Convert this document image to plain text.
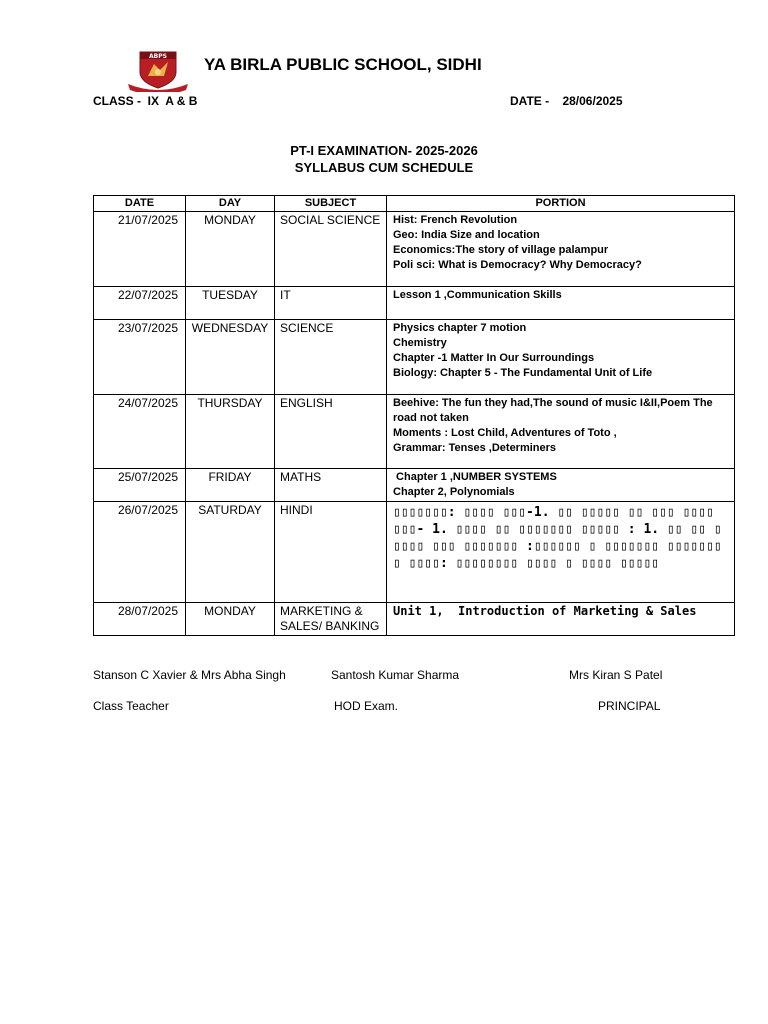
ABPS YA BIRLA PUBLIC SCHOOL, SIDHI
CLASS -  IX  A & B	DATE - 28/06/2025
PT-I EXAMINATION- 2025-2026
SYLLABUS CUM SCHEDULE
DATE	DAY	SUBJECT	PORTION
21/07/2025	MONDAY	SOCIAL SCIENCE	Hist: French Revolution
Geo: India Size and location
Economics:The story of village palampur
Poli sci: What is Democracy? Why Democracy?

22/07/2025	TUESDAY	IT	Lesson 1 ,Communication Skills

23/07/2025	WEDNESDAY	SCIENCE	Physics chapter 7 motion
Chemistry
Chapter -1 Matter In Our Surroundings
Biology: Chapter 5 - The Fundamental Unit of Life

24/07/2025	THURSDAY	ENGLISH	Beehive: The fun they had,The sound of music I&II,Poem The road not taken
Moments : Lost Child, Adventures of Toto ,
Grammar: Tenses ,Determiners

25/07/2025	FRIDAY	MATHS	Chapter 1 ,NUMBER SYSTEMS
Chapter 2, Polynomials

26/07/2025	SATURDAY	HINDI	▯▯▯▯▯▯▯: ▯▯▯▯ ▯▯▯-1. ▯▯ ▯▯▯▯▯ ▯▯ ▯▯▯ ▯▯▯▯ ▯▯▯- 1. ▯▯▯▯ ▯▯ ▯▯▯▯▯▯▯ ▯▯▯▯▯ : 1. ▯▯ ▯▯ ▯▯▯▯▯ ▯▯▯ ▯▯▯▯▯▯▯ :▯▯▯▯▯▯ ▯ ▯▯▯▯▯▯▯ ▯▯▯▯▯▯▯▯ ▯▯▯▯: ▯▯▯▯▯▯▯▯ ▯▯▯▯ ▯ ▯▯▯▯ ▯▯▯▯▯
28/07/2025	MONDAY	MARKETING & SALES/ BANKING	Unit 1,  Introduction of Marketing & Sales
Stanson C Xavier & Mrs Abha Singh	Santosh Kumar Sharma	Mrs Kiran S Patel
Class Teacher	HOD Exam.	PRINCIPAL
